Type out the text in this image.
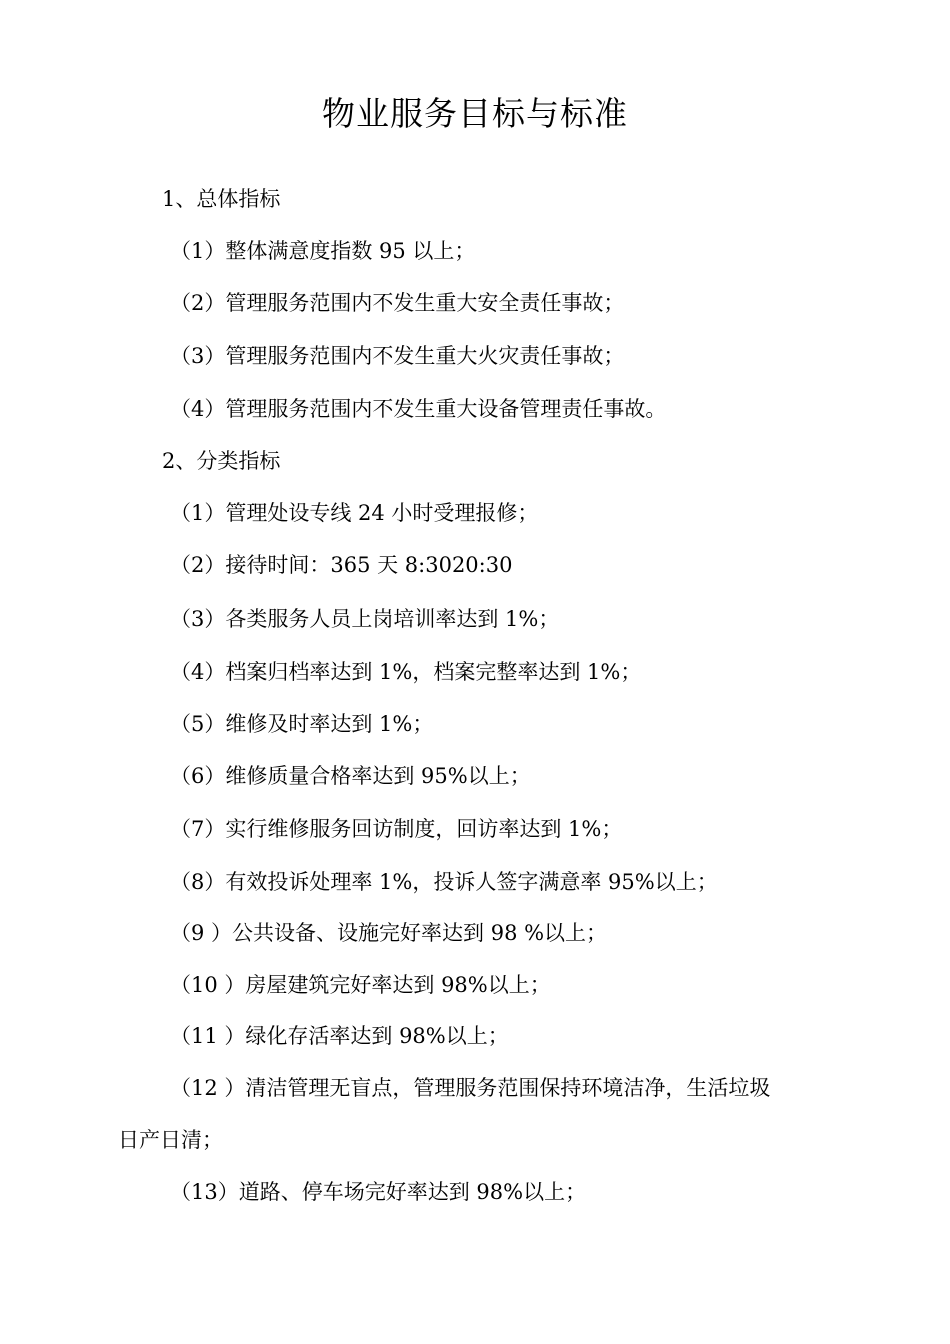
物业服务目标与标准
1、总体指标
（1）整体满意度指数 95 以上；
（2）管理服务范围内不发生重大安全责任事故；
（3）管理服务范围内不发生重大火灾责任事故；
（4）管理服务范围内不发生重大设备管理责任事故。
2、分类指标
（1）管理处设专线 24 小时受理报修；
（2）接待时间：365 天 8:3020:30
（3）各类服务人员上岗培训率达到 1%；
（4）档案归档率达到 1%，档案完整率达到 1%；
（5）维修及时率达到 1%；
（6）维修质量合格率达到 95%以上；
（7）实行维修服务回访制度，回访率达到 1%；
（8）有效投诉处理率 1%，投诉人签字满意率 95%以上；
（9 ）公共设备、设施完好率达到 98 %以上；
（10 ）房屋建筑完好率达到 98%以上；
（11 ）绿化存活率达到 98%以上；
（12 ）清洁管理无盲点，管理服务范围保持环境洁净，生活垃圾
日产日清；
（13）道路、停车场完好率达到 98%以上；
